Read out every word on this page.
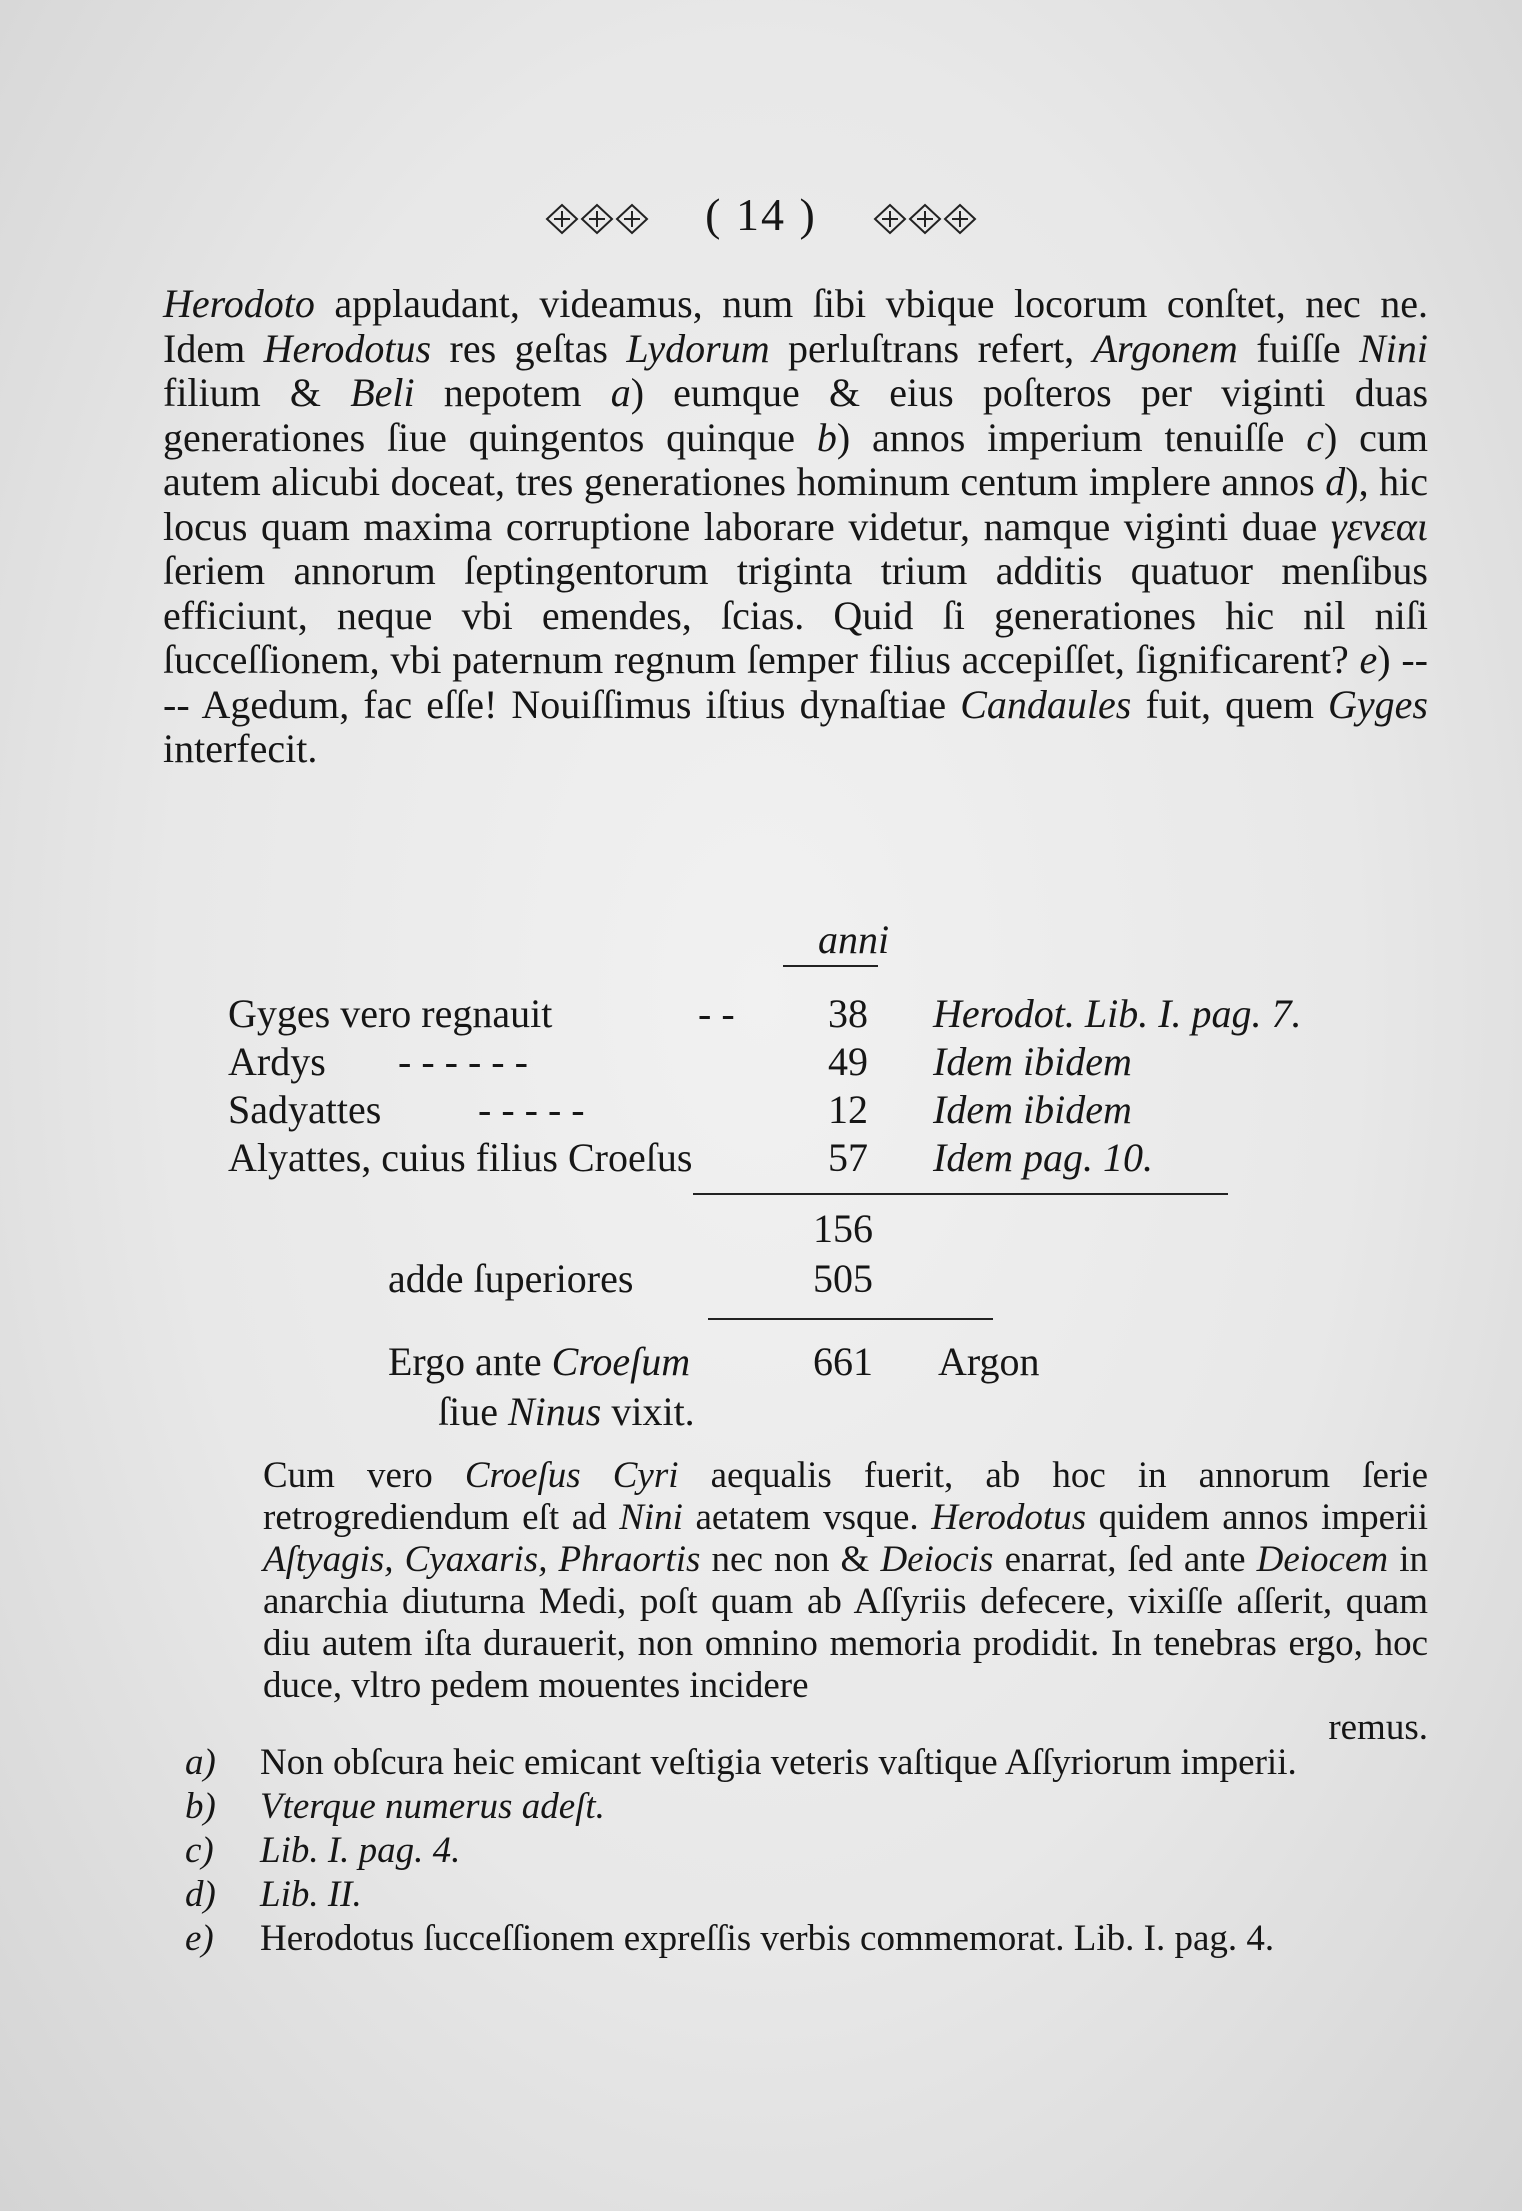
( 14 )

Herodoto applaudant, videamus, num ſibi vbique locorum conſtet, nec ne. Idem Herodotus res geſtas Lydorum perluſtrans refert, Argonem fuiſſe Nini filium & Beli nepotem a) eumque & eius poſteros per viginti duas generationes ſiue quingentos quinque b) annos imperium tenuiſſe c) cum autem alicubi doceat, tres generationes hominum centum implere annos d), hic locus quam maxima corruptione laborare videtur, namque viginti duae γενεαι ſeriem annorum ſeptingentorum triginta trium additis quatuor menſibus efficiunt, neque vbi emendes, ſcias. Quid ſi generationes hic nil niſi ſucceſſionem, vbi paternum regnum ſemper filius accepiſſet, ſignificarent? e) ---- Agedum, fac eſſe! Nouiſſimus iſtius dynaſtiae Candaules fuit, quem Gyges interfecit.

anni
Gyges vero regnauit	- - 38 Herodot. Lib. I. pag. 7.
Ardys - - - - - -	49 Idem ibidem
Sadyattes - - - - -	12 Idem ibidem
Alyattes, cuius filius Croeſus	57 Idem pag. 10.
156
adde ſuperiores	505
Ergo ante Croeſum	661 Argon
ſiue Ninus vixit.
Cum vero Croeſus Cyri aequalis fuerit, ab hoc in annorum ſerie retrogrediendum eſt ad Nini aetatem vsque. Herodotus quidem annos imperii Aſtyagis, Cyaxaris, Phraortis nec non & Deiocis enarrat, ſed ante Deiocem in anarchia diuturna Medi, poſt quam ab Aſſyriis defecere, vixiſſe aſſerit, quam diu autem iſta durauerit, non omnino memoria prodidit. In tenebras ergo, hoc duce, vltro pedem mouentes incidere
remus.
a) Non obſcura heic emicant veſtigia veteris vaſtique Aſſyriorum imperii.
b) Vterque numerus adeſt.
c) Lib. I. pag. 4.
d) Lib. II.
e) Herodotus ſucceſſionem expreſſis verbis commemorat. Lib. I. pag. 4.
